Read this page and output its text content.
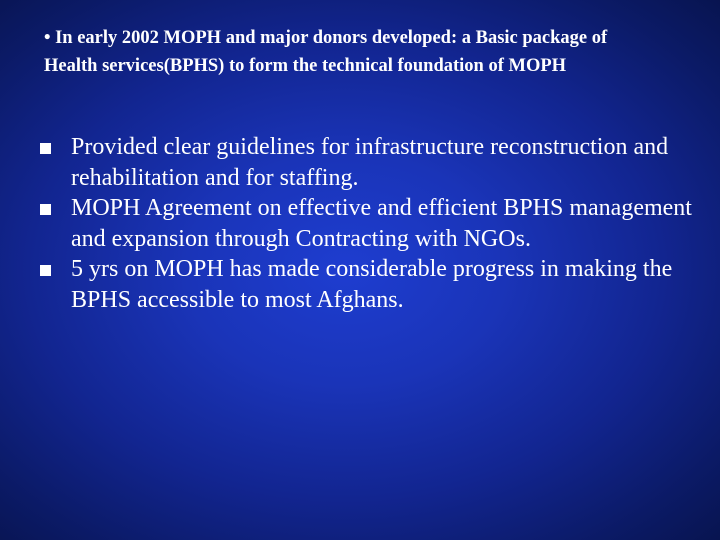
• In early 2002 MOPH and major donors developed: a Basic package of Health services(BPHS) to form the technical foundation of MOPH
Provided clear guidelines for infrastructure reconstruction and rehabilitation and for staffing.
MOPH Agreement on effective and efficient BPHS management and expansion through Contracting with NGOs.
5 yrs on MOPH has made considerable progress in making the BPHS accessible to most Afghans.
